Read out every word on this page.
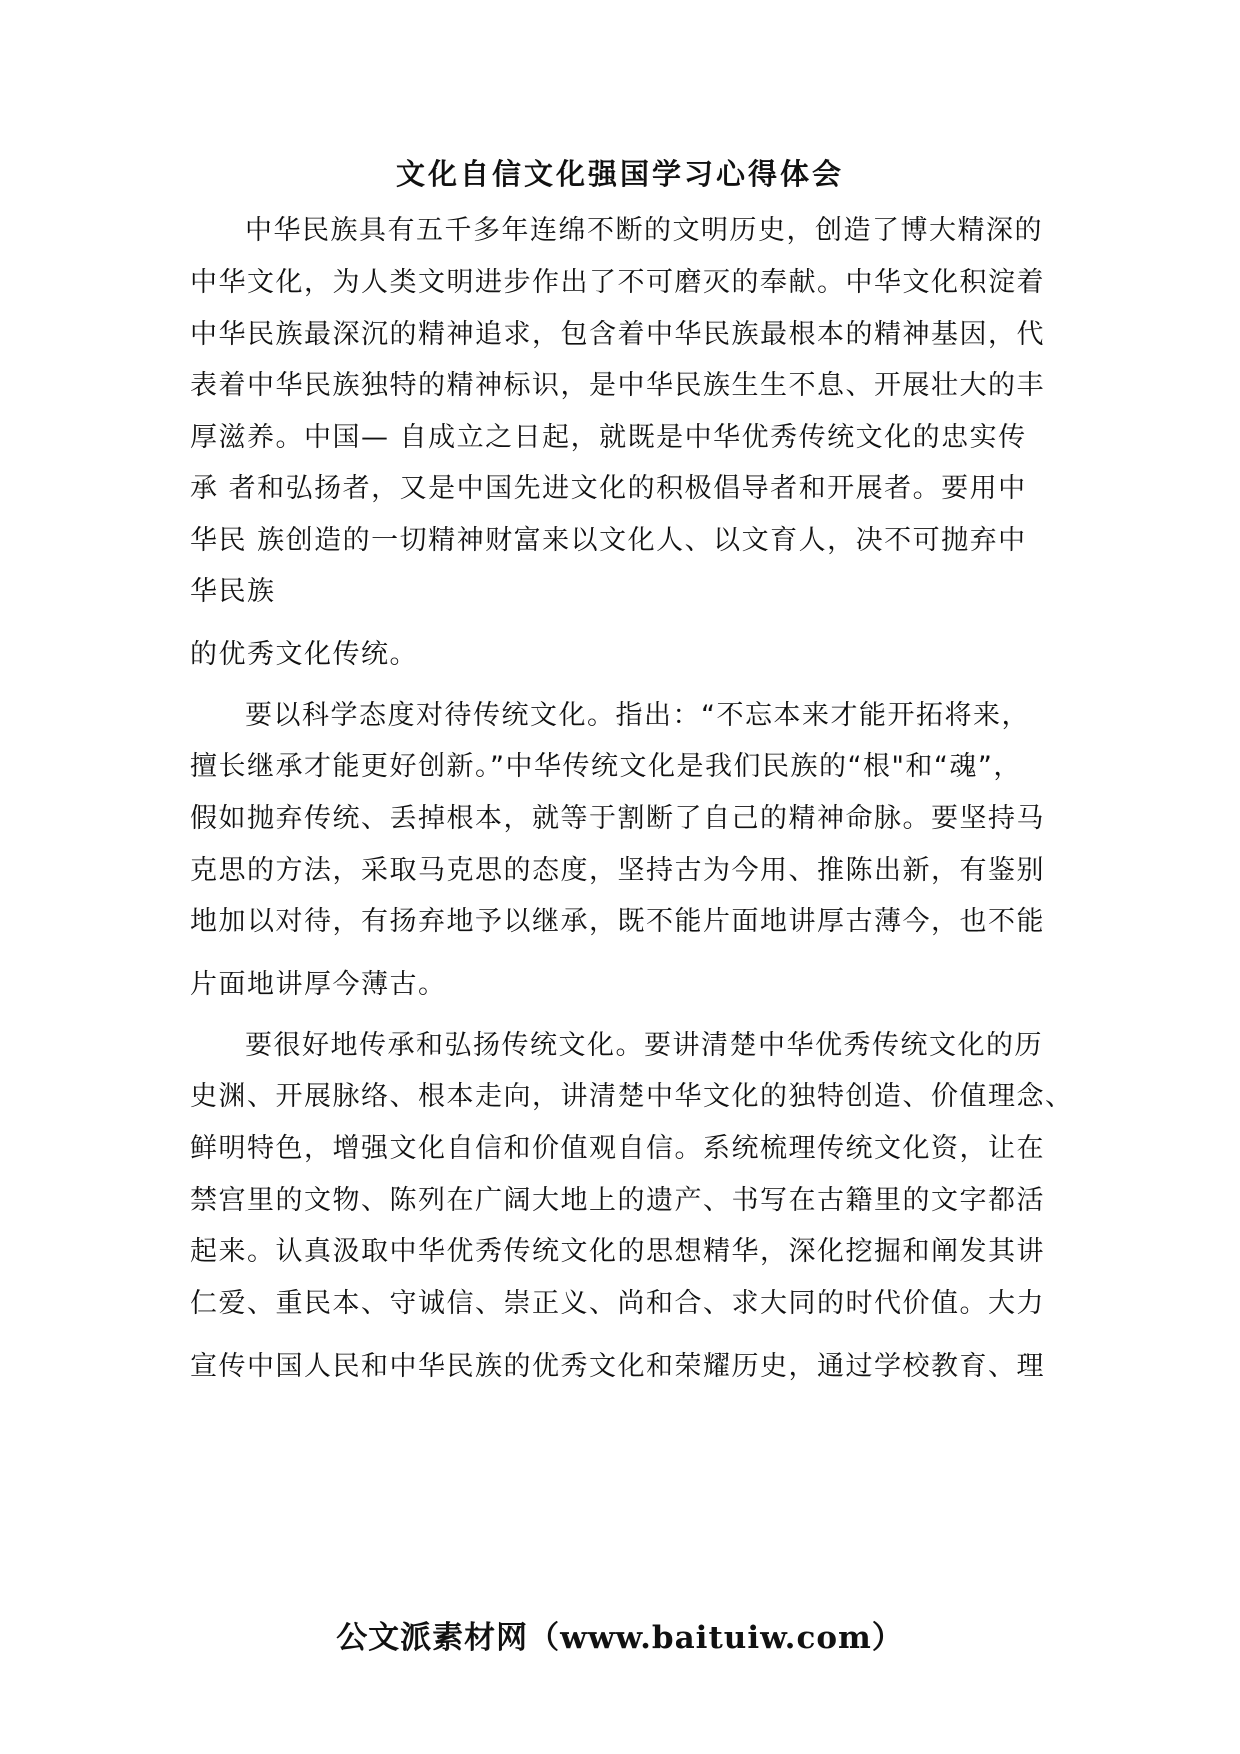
文化自信文化强国学习心得体会
中华民族具有五千多年连绵不断的文明历史，创造了博大精深的
中华文化，为人类文明进步作出了不可磨灭的奉献。中华文化积淀着
中华民族最深沉的精神追求，包含着中华民族最根本的精神基因，代
表着中华民族独特的精神标识，是中华民族生生不息、开展壮大的丰
厚滋养。中国— 自成立之日起，就既是中华优秀传统文化的忠实传
承 者和弘扬者，又是中国先进文化的积极倡导者和开展者。要用中
华民 族创造的一切精神财富来以文化人、以文育人，决不可抛弃中
华民族
的优秀文化传统。
要以科学态度对待传统文化。指出：“不忘本来才能开拓将来，
擅长继承才能更好创新。”中华传统文化是我们民族的“根"和“魂”，
假如抛弃传统、丢掉根本，就等于割断了自己的精神命脉。要坚持马
克思的方法，采取马克思的态度，坚持古为今用、推陈出新，有鉴别
地加以对待，有扬弃地予以继承，既不能片面地讲厚古薄今，也不能
片面地讲厚今薄古。
要很好地传承和弘扬传统文化。要讲清楚中华优秀传统文化的历
史渊、开展脉络、根本走向，讲清楚中华文化的独特创造、价值理念、
鲜明特色，增强文化自信和价值观自信。系统梳理传统文化资，让在
禁宫里的文物、陈列在广阔大地上的遗产、书写在古籍里的文字都活
起来。认真汲取中华优秀传统文化的思想精华，深化挖掘和阐发其讲
仁爱、重民本、守诚信、崇正义、尚和合、求大同的时代价值。大力
宣传中国人民和中华民族的优秀文化和荣耀历史，通过学校教育、理
公文派素材网（www.baituiw.com）
